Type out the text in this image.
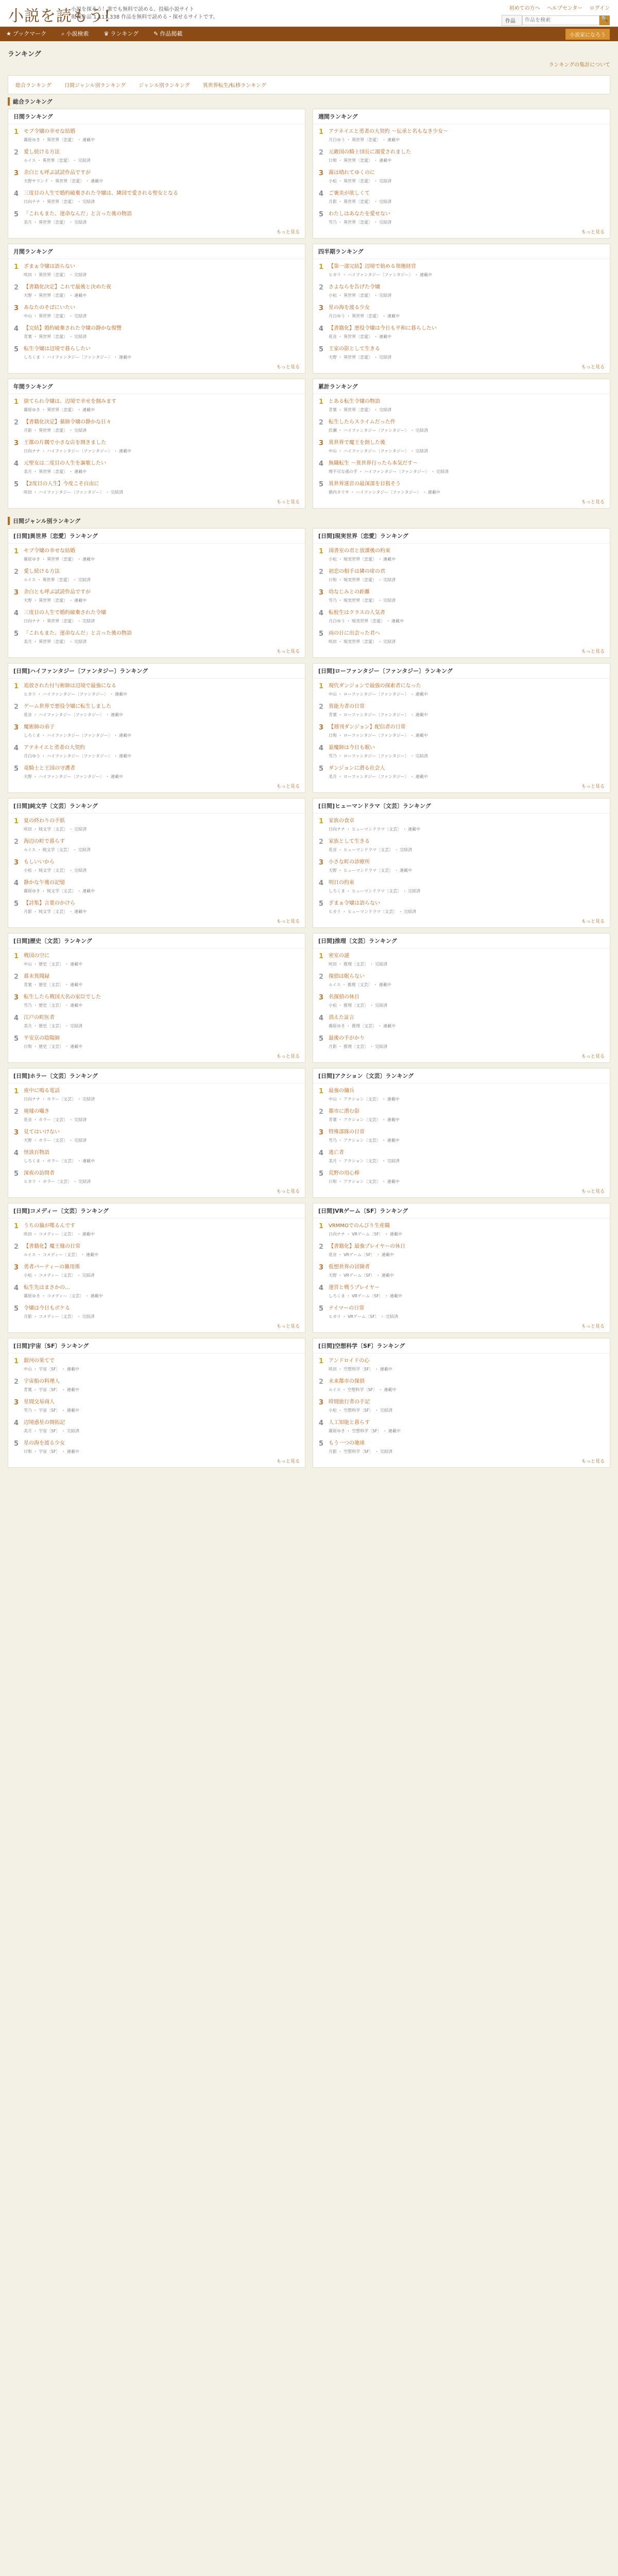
小説を読もう!
小説を探そう！誰でも無料で読める、投稿小説サイト
掲載作品 1,111,338 作品を無料で読める・探せるサイトです。
初めての方へ ヘルプセンター ログイン
★ ブックマーク	⌕ 小説検索	♛ ランキング	✎ 作品掲載
作品
作品を検索	🔍
小説家になろう
ランキング
ランキングの集計について
総合ランキング	日間ジャンル別ランキング	ジャンル別ランキング	異世界転生/転移ランキング
総合ランキング
日間ランキング
1 モブ令嬢の幸せな結婚
霧原ゆき ・ 異世界〔恋愛〕 ・ 連載中
2 愛し続ける方法
ルイス ・ 異世界〔恋愛〕 ・ 完結済
3 余白とも呼ぶ試読作品ですが
天野サランド ・ 異世界〔恋愛〕 ・ 連載中
4 三度目の人生で婚約破棄された令嬢は、隣国で愛される聖女となる
日向ナナ ・ 異世界〔恋愛〕 ・ 完結済
5 「これもまた、運命なんだ」と言った後の物語
美月 ・ 異世界〔恋愛〕 ・ 完結済
もっと見る
週間ランキング
1 アテネイエと勇者の大契約 〜伝承と名もなき少女〜
月白ゆう ・ 異世界〔恋愛〕 ・ 連載中
2 元敵国の騎士団長に溺愛されました
日和 ・ 異世界〔恋愛〕 ・ 連載中
3 霧は晴れてゆくのに
小松 ・ 異世界〔恋愛〕 ・ 完結済
4 ご褒美が欲しくて
月影 ・ 異世界〔恋愛〕 ・ 完結済
5 わたしはあなたを愛せない
雪乃 ・ 異世界〔恋愛〕 ・ 完結済
もっと見る
月間ランキング
1 ざまぁ令嬢は語らない
咲田 ・ 異世界〔恋愛〕 ・ 完結済
2 【書籍化決定】これで最後と決めた夜
天野 ・ 異世界〔恋愛〕 ・ 連載中
3 あなたのそばにいたい
中山 ・ 異世界〔恋愛〕 ・ 完結済
4 【完結】婚約破棄された令嬢の静かな復讐
青葉 ・ 異世界〔恋愛〕 ・ 完結済
5 転生令嬢は辺境で暮らしたい
しろくま ・ ハイファンタジー〔ファンタジー〕 ・ 連載中
もっと見る
四半期ランキング
1 【第一部完結】辺境で始める領地経営
ヒカリ ・ ハイファンタジー〔ファンタジー〕 ・ 連載中
2 さよならを告げた令嬢
小松 ・ 異世界〔恋愛〕 ・ 完結済
3 星の海を渡る少女
月白ゆう ・ 異世界〔恋愛〕 ・ 連載中
4 【書籍化】悪役令嬢は今日も平和に暮らしたい
花音 ・ 異世界〔恋愛〕 ・ 連載中
5 王家の影として生きる
天野 ・ 異世界〔恋愛〕 ・ 完結済
もっと見る
年間ランキング
1 捨てられ令嬢は、辺境で幸せを掴みます
霧原ゆき ・ 異世界〔恋愛〕 ・ 連載中
2 【書籍化決定】薬師令嬢の静かな日々
月影 ・ 異世界〔恋愛〕 ・ 完結済
3 王都の片隅で小さな店を開きました
日向ナナ ・ ハイファンタジー〔ファンタジー〕 ・ 連載中
4 元聖女は二度目の人生を謳歌したい
美月 ・ 異世界〔恋愛〕 ・ 連載中
5 【2度目の人生】今度こそ自由に
咲田 ・ ハイファンタジー〔ファンタジー〕 ・ 完結済
もっと見る
累計ランキング
1 とある転生令嬢の物語
青葉 ・ 異世界〔恋愛〕 ・ 完結済
2 転生したらスライムだった件
伏瀬 ・ ハイファンタジー〔ファンタジー〕 ・ 完結済
3 異世界で魔王を倒した後
中山 ・ ハイファンタジー〔ファンタジー〕 ・ 完結済
4 無職転生 〜異世界行ったら本気だす〜
理不尽な孫の手 ・ ハイファンタジー〔ファンタジー〕 ・ 完結済
5 異世界迷宮の最深部を目指そう
割内タリサ ・ ハイファンタジー〔ファンタジー〕 ・ 連載中
もっと見る
日間ジャンル別ランキング
[日間]異世界〔恋愛〕ランキング
1 モブ令嬢の幸せな結婚
霧原ゆき ・ 異世界〔恋愛〕 ・ 連載中
2 愛し続ける方法
ルイス ・ 異世界〔恋愛〕 ・ 完結済
3 余白とも呼ぶ試読作品ですが
天野 ・ 異世界〔恋愛〕 ・ 連載中
4 三度目の人生で婚約破棄された令嬢
日向ナナ ・ 異世界〔恋愛〕 ・ 完結済
5 「これもまた、運命なんだ」と言った後の物語
美月 ・ 異世界〔恋愛〕 ・ 完結済
もっと見る
[日間]現実世界〔恋愛〕ランキング
1 図書室の君と放課後の約束
小松 ・ 現実世界〔恋愛〕 ・ 連載中
2 初恋の相手は隣の席の君
日和 ・ 現実世界〔恋愛〕 ・ 完結済
3 幼なじみとの距離
雪乃 ・ 現実世界〔恋愛〕 ・ 完結済
4 転校生はクラスの人気者
月白ゆう ・ 現実世界〔恋愛〕 ・ 連載中
5 雨の日に出会った君へ
咲田 ・ 現実世界〔恋愛〕 ・ 完結済
もっと見る
[日間]ハイファンタジー〔ファンタジー〕ランキング
1 追放された付与術師は辺境で最強になる
ヒカリ ・ ハイファンタジー〔ファンタジー〕 ・ 連載中
2 ゲーム世界で悪役令嬢に転生しました
花音 ・ ハイファンタジー〔ファンタジー〕 ・ 連載中
3 魔術師の弟子
しろくま ・ ハイファンタジー〔ファンタジー〕 ・ 連載中
4 アテネイエと勇者の大契約
月白ゆう ・ ハイファンタジー〔ファンタジー〕 ・ 連載中
5 竜騎士と王国の守護者
天野 ・ ハイファンタジー〔ファンタジー〕 ・ 連載中
もっと見る
[日間]ローファンタジー〔ファンタジー〕ランキング
1 現代ダンジョンで最強の探索者になった
中山 ・ ローファンタジー〔ファンタジー〕 ・ 連載中
2 異能力者の日常
青葉 ・ ローファンタジー〔ファンタジー〕 ・ 連載中
3 【週刊ダンジョン】配信者の日常
日和 ・ ローファンタジー〔ファンタジー〕 ・ 連載中
4 退魔師は今日も眠い
雪乃 ・ ローファンタジー〔ファンタジー〕 ・ 完結済
5 ダンジョンに潜る社会人
美月 ・ ローファンタジー〔ファンタジー〕 ・ 連載中
もっと見る
[日間]純文学〔文芸〕ランキング
1 夏の終わりの手紙
咲田 ・ 純文学〔文芸〕 ・ 完結済
2 海辺の町で暮らす
ルイス ・ 純文学〔文芸〕 ・ 完結済
3 もしいいから
小松 ・ 純文学〔文芸〕 ・ 完結済
4 静かな午後の記憶
霧原ゆき ・ 純文学〔文芸〕 ・ 連載中
5 【詩集】言葉のかけら
月影 ・ 純文学〔文芸〕 ・ 連載中
もっと見る
[日間]ヒューマンドラマ〔文芸〕ランキング
1 家族の食卓
日向ナナ ・ ヒューマンドラマ〔文芸〕 ・ 連載中
2 家族として生きる
花音 ・ ヒューマンドラマ〔文芸〕 ・ 完結済
3 小さな町の診療所
天野 ・ ヒューマンドラマ〔文芸〕 ・ 連載中
4 明日の約束
しろくま ・ ヒューマンドラマ〔文芸〕 ・ 完結済
5 ざまぁ令嬢は語らない
ヒカリ ・ ヒューマンドラマ〔文芸〕 ・ 完結済
もっと見る
[日間]歴史〔文芸〕ランキング
1 戦国の空に
中山 ・ 歴史〔文芸〕 ・ 連載中
2 幕末異聞録
青葉 ・ 歴史〔文芸〕 ・ 連載中
3 転生したら戦国大名の家臣でした
雪乃 ・ 歴史〔文芸〕 ・ 連載中
4 江戸の町医者
美月 ・ 歴史〔文芸〕 ・ 完結済
5 平安京の陰陽師
日和 ・ 歴史〔文芸〕 ・ 連載中
もっと見る
[日間]推理〔文芸〕ランキング
1 密室の謎
咲田 ・ 推理〔文芸〕 ・ 完結済
2 探偵は眠らない
ルイス ・ 推理〔文芸〕 ・ 連載中
3 名探偵の休日
小松 ・ 推理〔文芸〕 ・ 完結済
4 消えた証言
霧原ゆき ・ 推理〔文芸〕 ・ 連載中
5 最後の手がかり
月影 ・ 推理〔文芸〕 ・ 完結済
もっと見る
[日間]ホラー〔文芸〕ランキング
1 夜中に鳴る電話
日向ナナ ・ ホラー〔文芸〕 ・ 完結済
2 廃墟の囁き
花音 ・ ホラー〔文芸〕 ・ 完結済
3 見てはいけない
天野 ・ ホラー〔文芸〕 ・ 完結済
4 怪談百物語
しろくま ・ ホラー〔文芸〕 ・ 連載中
5 深夜の訪問者
ヒカリ ・ ホラー〔文芸〕 ・ 完結済
もっと見る
[日間]アクション〔文芸〕ランキング
1 最強の傭兵
中山 ・ アクション〔文芸〕 ・ 連載中
2 都市に潜む影
青葉 ・ アクション〔文芸〕 ・ 連載中
3 特殊部隊の日常
雪乃 ・ アクション〔文芸〕 ・ 連載中
4 逃亡者
美月 ・ アクション〔文芸〕 ・ 完結済
5 荒野の用心棒
日和 ・ アクション〔文芸〕 ・ 連載中
もっと見る
[日間]コメディー〔文芸〕ランキング
1 うちの猫が喋るんです
咲田 ・ コメディー〔文芸〕 ・ 連載中
2 【書籍化】魔王様の日常
ルイス ・ コメディー〔文芸〕 ・ 連載中
3 勇者パーティーの雑用係
小松 ・ コメディー〔文芸〕 ・ 完結済
4 転生先はまさかの…
霧原ゆき ・ コメディー〔文芸〕 ・ 連載中
5 令嬢は今日もボケる
月影 ・ コメディー〔文芸〕 ・ 完結済
もっと見る
[日間]VRゲーム〔SF〕ランキング
1 VRMMOでのんびり生産職
日向ナナ ・ VRゲーム〔SF〕 ・ 連載中
2 【書籍化】最強プレイヤーの休日
花音 ・ VRゲーム〔SF〕 ・ 連載中
3 仮想世界の冒険者
天野 ・ VRゲーム〔SF〕 ・ 連載中
4 運営と戦うプレイヤー
しろくま ・ VRゲーム〔SF〕 ・ 連載中
5 テイマーの日常
ヒカリ ・ VRゲーム〔SF〕 ・ 完結済
もっと見る
[日間]宇宙〔SF〕ランキング
1 銀河の果てで
中山 ・ 宇宙〔SF〕 ・ 連載中
2 宇宙船の料理人
青葉 ・ 宇宙〔SF〕 ・ 連載中
3 星間交易商人
雪乃 ・ 宇宙〔SF〕 ・ 連載中
4 辺境惑星の開拓記
美月 ・ 宇宙〔SF〕 ・ 完結済
5 星の海を渡る少女
日和 ・ 宇宙〔SF〕 ・ 連載中
もっと見る
[日間]空想科学〔SF〕ランキング
1 アンドロイドの心
咲田 ・ 空想科学〔SF〕 ・ 連載中
2 未来都市の探偵
ルイス ・ 空想科学〔SF〕 ・ 連載中
3 時間旅行者の手記
小松 ・ 空想科学〔SF〕 ・ 完結済
4 人工知能と暮らす
霧原ゆき ・ 空想科学〔SF〕 ・ 連載中
5 もう一つの地球
月影 ・ 空想科学〔SF〕 ・ 完結済
もっと見る
